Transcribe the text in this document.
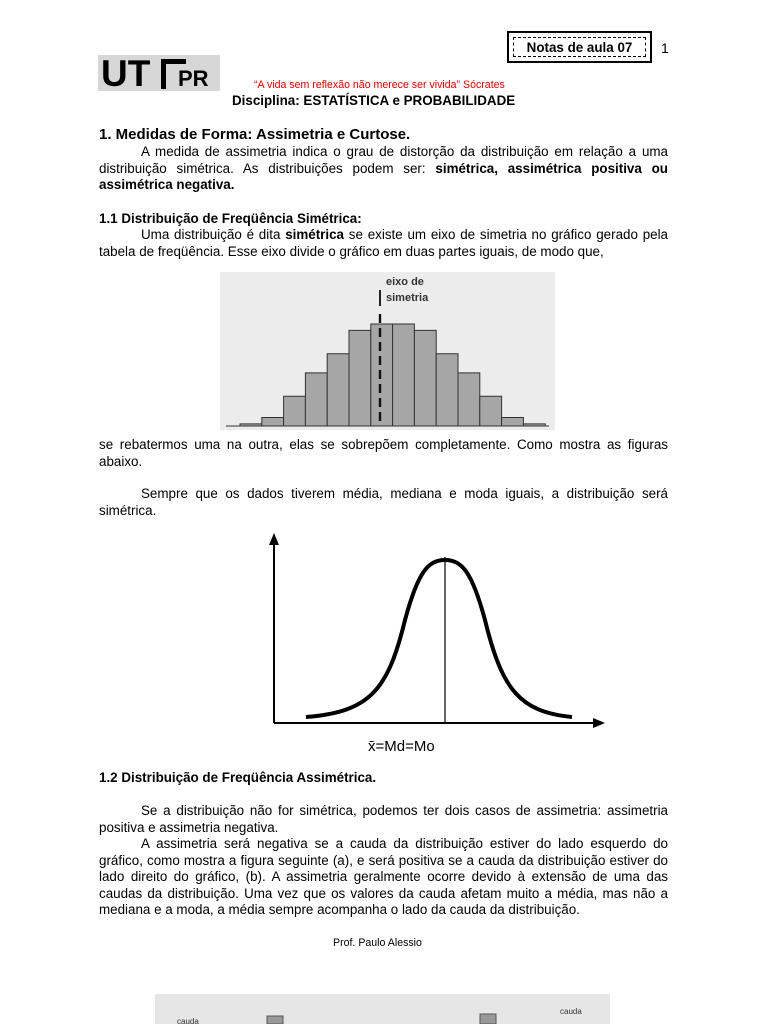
Notas de aula 07	1
UT PR	“A vida sem reflexão não merece ser vivida” Sócrates
Disciplina: ESTATÍSTICA e PROBABILIDADE
1. Medidas de Forma: Assimetria e Curtose.
A medida de assimetria indica o grau de distorção da distribuição em relação a uma distribuição simétrica. As distribuições podem ser: simétrica, assimétrica positiva ou assimétrica negativa.
1.1 Distribuição de Freqüência Simétrica:
Uma distribuição é dita simétrica se existe um eixo de simetria no gráfico gerado pela tabela de freqüência. Esse eixo divide o gráfico em duas partes iguais, de modo que,
eixo de
simetria
se rebatermos uma na outra, elas se sobrepõem completamente. Como mostra as figuras abaixo.
Sempre que os dados tiverem média, mediana e moda iguais, a distribuição será simétrica.
x̄=Md=Mo
1.2 Distribuição de Freqüência Assimétrica.
Se a distribuição não for simétrica, podemos ter dois casos de assimetria: assimetria positiva e assimetria negativa.
A assimetria será negativa se a cauda da distribuição estiver do lado esquerdo do gráfico, como mostra a figura seguinte (a), e será positiva se a cauda da distribuição estiver do lado direito do gráfico, (b). A assimetria geralmente ocorre devido à extensão de uma das caudas da distribuição. Uma vez que os valores da cauda afetam muito a média, mas não a mediana e a moda, a média sempre acompanha o lado da cauda da distribuição.
Prof. Paulo Alessio
cauda
cauda
